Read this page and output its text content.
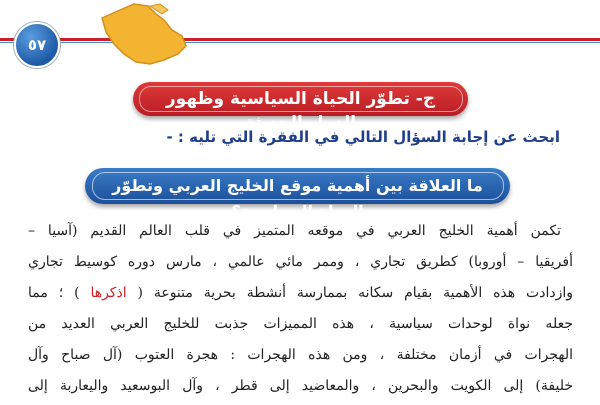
٥٧
ج- تطوّر الحياة السياسية وظهور الدول الحديثة
ابحث عن إجابة السؤال التالي في الفقرة التي تليه : -
ما العلاقة بين أهمية موقع الخليج العربي وتطوّر الحياة السياسية؟
تكمن أهمية الخليج العربي في موقعه المتميز في قلب العالم القديم (آسيا –
أفريقيا – أوروبا) كطريق تجاري ، وممر مائي عالمي ، مارس دوره كوسيط تجاري
وازدادت هذه الأهمية بقيام سكانه بممارسة أنشطة بحرية متنوعة ( اذكرها ) ؛ مما
جعله نواة لوحدات سياسية ، هذه المميزات جذبت للخليج العربي العديد من
الهجرات في أزمان مختلفة ، ومن هذه الهجرات : هجرة العتوب (آل صباح وآل
خليفة) إلى الكويت والبحرين ، والمعاضيد إلى قطر ، وآل البوسعيد واليعاربة إلى
